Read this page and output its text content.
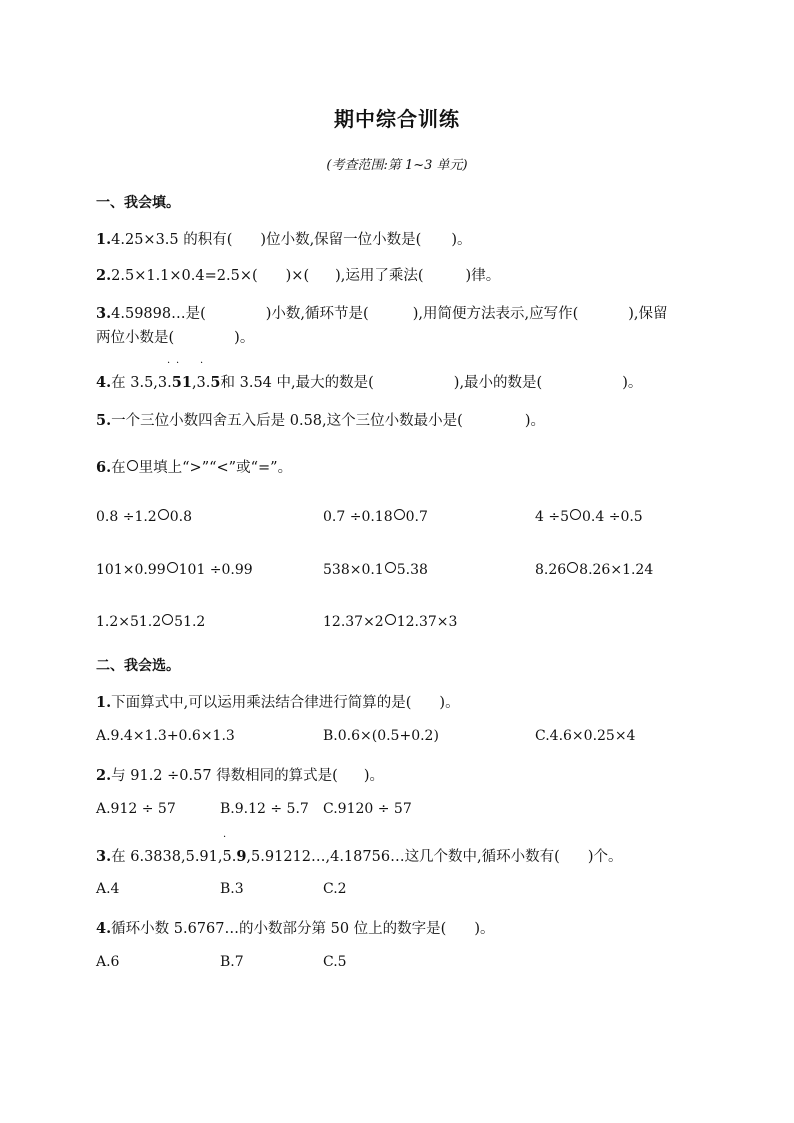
期中综合训练
(考查范围:第 1~3 单元)
一、我会填。
1.4.25×3.5 的积有( )位小数,保留一位小数是( )。
2.2.5×1.1×0.4=2.5×( )×( ),运用了乘法(	)律。
3.4.59898…是(	)小数,循环节是(	),用简便方法表示,应写作(	),保留
两位小数是(	)。
· · ·
4.在 3.5,3.51,3.5和 3.54 中,最大的数是(	),最小的数是(	)。
5.一个三位小数四舍五入后是 0.58,这个三位小数最小是(	)。
6.在 里填上“>”“<”或“=”。
0.8 ÷1.2 0.8	0.7 ÷0.18 0.7	4 ÷5 0.4 ÷0.5
101×0.99 101 ÷0.99	538×0.1 5.38	8.26 8.26×1.24
1.2×51.2 51.2	12.37×2 12.37×3
二、我会选。
1.下面算式中,可以运用乘法结合律进行简算的是( )。
A.9.4×1.3+0.6×1.3	B.0.6×(0.5+0.2)	C.4.6×0.25×4
2.与 91.2 ÷0.57 得数相同的算式是( )。
A.912 ÷ 57	B.9.12 ÷ 5.7 C.9120 ÷ 57
·
3.在 6.3838,5.91,5.9,5.91212…,4.18756…这几个数中,循环小数有( )个。
A.4	B.3	C.2
4.循环小数 5.6767…的小数部分第 50 位上的数字是( )。
A.6	B.7	C.5
